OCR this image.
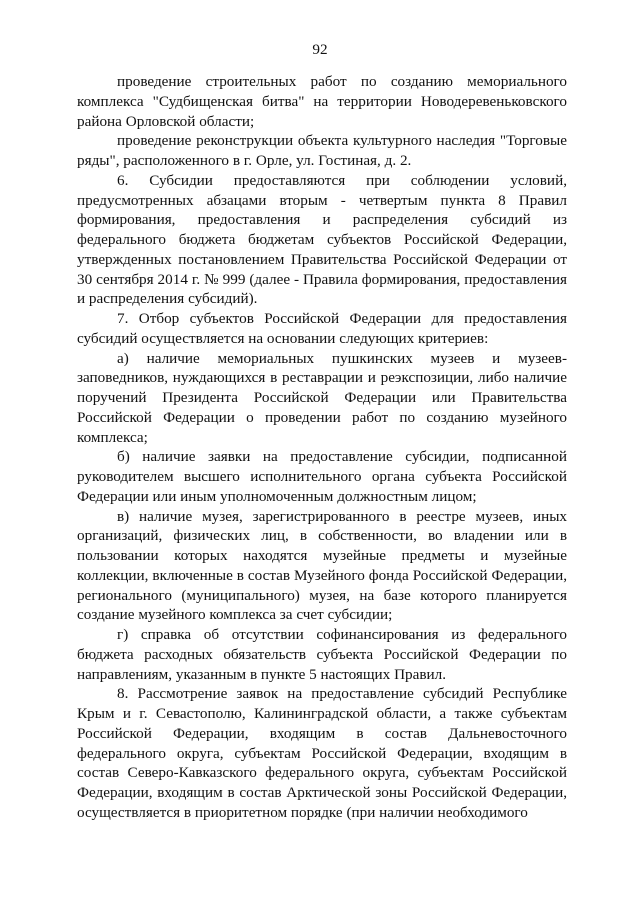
92

проведение строительных работ по созданию мемориального комплекса "Судбищенская битва" на территории Новодеревеньковского района Орловской области;

проведение реконструкции объекта культурного наследия "Торговые ряды", расположенного в г. Орле, ул. Гостиная, д. 2.

6. Субсидии предоставляются при соблюдении условий, предусмотренных абзацами вторым - четвертым пункта 8 Правил формирования, предоставления и распределения субсидий из федерального бюджета бюджетам субъектов Российской Федерации, утвержденных постановлением Правительства Российской Федерации от 30 сентября 2014 г. № 999 (далее - Правила формирования, предоставления и распределения субсидий).

7. Отбор субъектов Российской Федерации для предоставления субсидий осуществляется на основании следующих критериев:

а) наличие мемориальных пушкинских музеев и музеев-заповедников, нуждающихся в реставрации и реэкспозиции, либо наличие поручений Президента Российской Федерации или Правительства Российской Федерации о проведении работ по созданию музейного комплекса;

б) наличие заявки на предоставление субсидии, подписанной руководителем высшего исполнительного органа субъекта Российской Федерации или иным уполномоченным должностным лицом;

в) наличие музея, зарегистрированного в реестре музеев, иных организаций, физических лиц, в собственности, во владении или в пользовании которых находятся музейные предметы и музейные коллекции, включенные в состав Музейного фонда Российской Федерации, регионального (муниципального) музея, на базе которого планируется создание музейного комплекса за счет субсидии;

г) справка об отсутствии софинансирования из федерального бюджета расходных обязательств субъекта Российской Федерации по направлениям, указанным в пункте 5 настоящих Правил.

8. Рассмотрение заявок на предоставление субсидий Республике Крым и г. Севастополю, Калининградской области, а также субъектам Российской Федерации, входящим в состав Дальневосточного федерального округа, субъектам Российской Федерации, входящим в состав Северо-Кавказского федерального округа, субъектам Российской Федерации, входящим в состав Арктической зоны Российской Федерации, осуществляется в приоритетном порядке (при наличии необходимого
